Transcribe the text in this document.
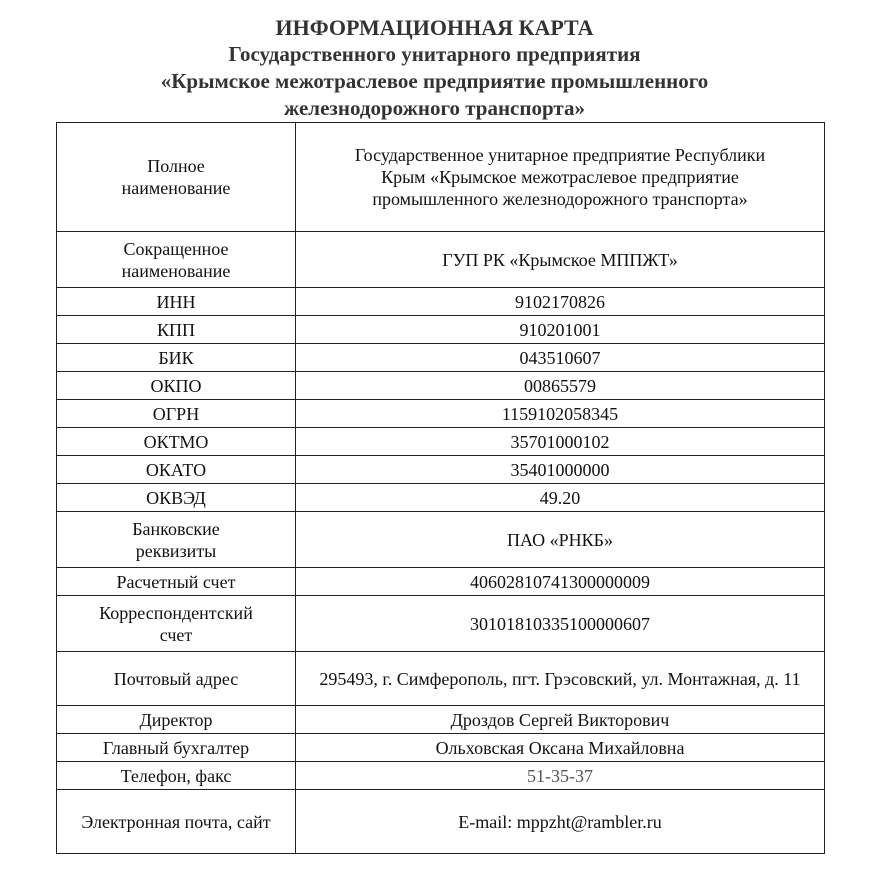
ИНФОРМАЦИОННАЯ КАРТА
Государственного унитарного предприятия
«Крымское межотраслевое предприятие промышленного
железнодорожного транспорта»
Полное наименование	Государственное унитарное предприятие Республики Крым «Крымское межотраслевое предприятие промышленного железнодорожного транспорта»
Сокращенное наименование	ГУП РК «Крымское МППЖТ»
ИНН	9102170826
КПП	910201001
БИК	043510607
ОКПО	00865579
ОГРН	1159102058345
ОКТМО	35701000102
ОКАТО	35401000000
ОКВЭД	49.20
Банковские реквизиты	ПАО «РНКБ»
Расчетный счет	40602810741300000009
Корреспондентский счет	30101810335100000607
Почтовый адрес	295493, г. Симферополь, пгт. Грэсовский, ул. Монтажная, д. 11
Директор	Дроздов Сергей Викторович
Главный бухгалтер	Ольховская Оксана Михайловна
Телефон, факс	51-35-37
Электронная почта, сайт	E-mail: mppzht@rambler.ru
